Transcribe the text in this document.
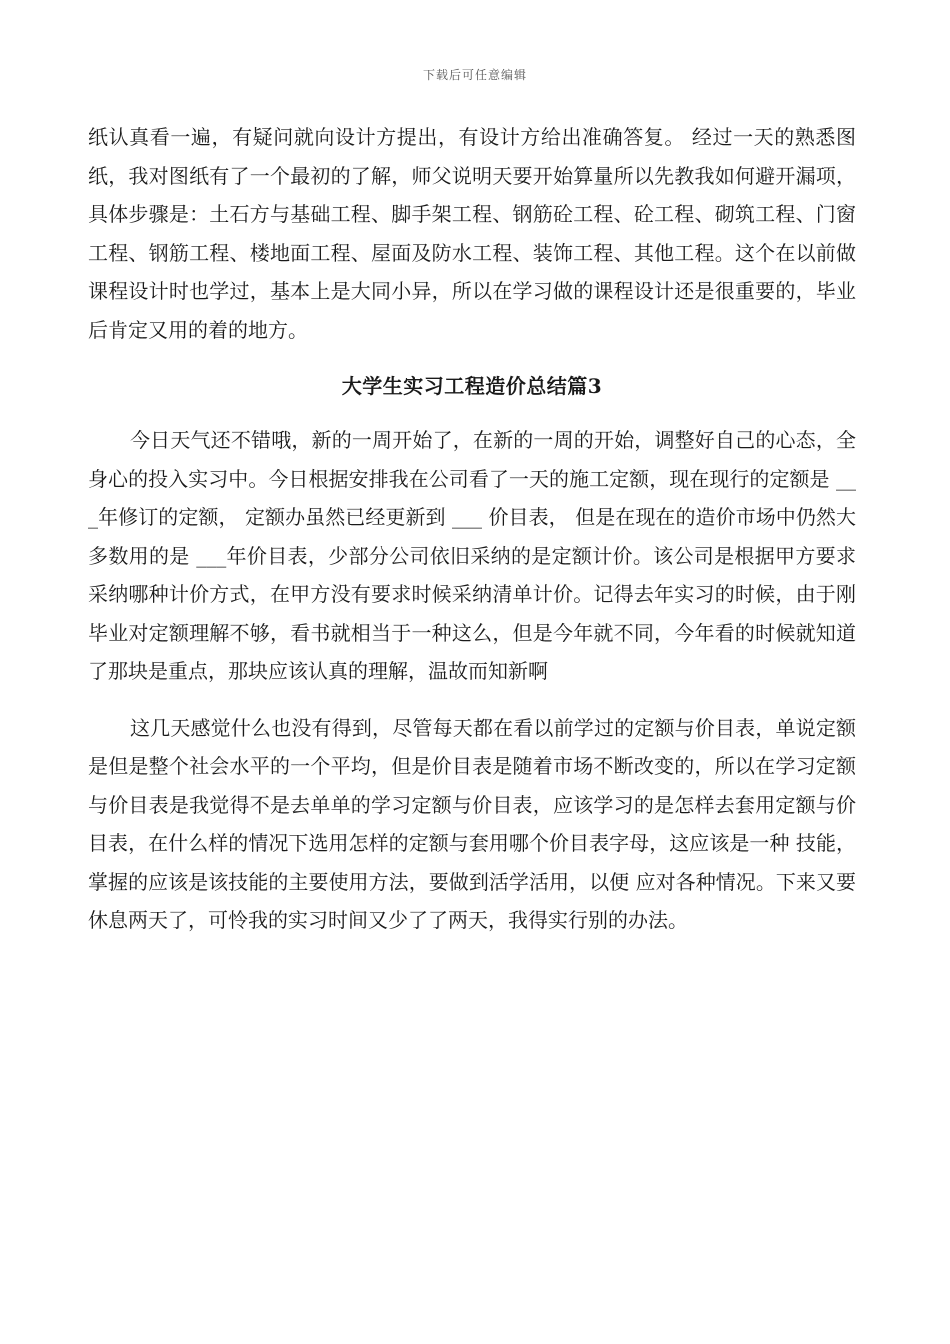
下载后可任意编辑

纸认真看一遍，有疑问就向设计方提出，有设计方给出准确答复。 经过一天的熟悉图纸，我对图纸有了一个最初的了解，师父说明天要开始算量所以先教我如何避开漏项，具体步骤是：土石方与基础工程、脚手架工程、钢筋砼工程、砼工程、砌筑工程、门窗工程、钢筋工程、楼地面工程、屋面及防水工程、装饰工程、其他工程。这个在以前做课程设计时也学过，基本上是大同小异，所以在学习做的课程设计还是很重要的，毕业后肯定又用的着的地方。

大学生实习工程造价总结篇3

今日天气还不错哦，新的一周开始了，在新的一周的开始，调整好自己的心态，全身心的投入实习中。今日根据安排我在公司看了一天的施工定额，现在现行的定额是 ___年修订的定额， 定额办虽然已经更新到 ___ 价目表， 但是在现在的造价市场中仍然大多数用的是 ___年价目表，少部分公司依旧采纳的是定额计价。该公司是根据甲方要求采纳哪种计价方式，在甲方没有要求时候采纳清单计价。记得去年实习的时候，由于刚毕业对定额理解不够，看书就相当于一种这么，但是今年就不同，今年看的时候就知道了那块是重点，那块应该认真的理解，温故而知新啊

这几天感觉什么也没有得到，尽管每天都在看以前学过的定额与价目表，单说定额是但是整个社会水平的一个平均，但是价目表是随着市场不断改变的，所以在学习定额与价目表是我觉得不是去单单的学习定额与价目表，应该学习的是怎样去套用定额与价目表，在什么样的情况下选用怎样的定额与套用哪个价目表字母，这应该是一种 技能，掌握的应该是该技能的主要使用方法，要做到活学活用，以便 应对各种情况。下来又要休息两天了，可怜我的实习时间又少了了两天，我得实行别的办法。
